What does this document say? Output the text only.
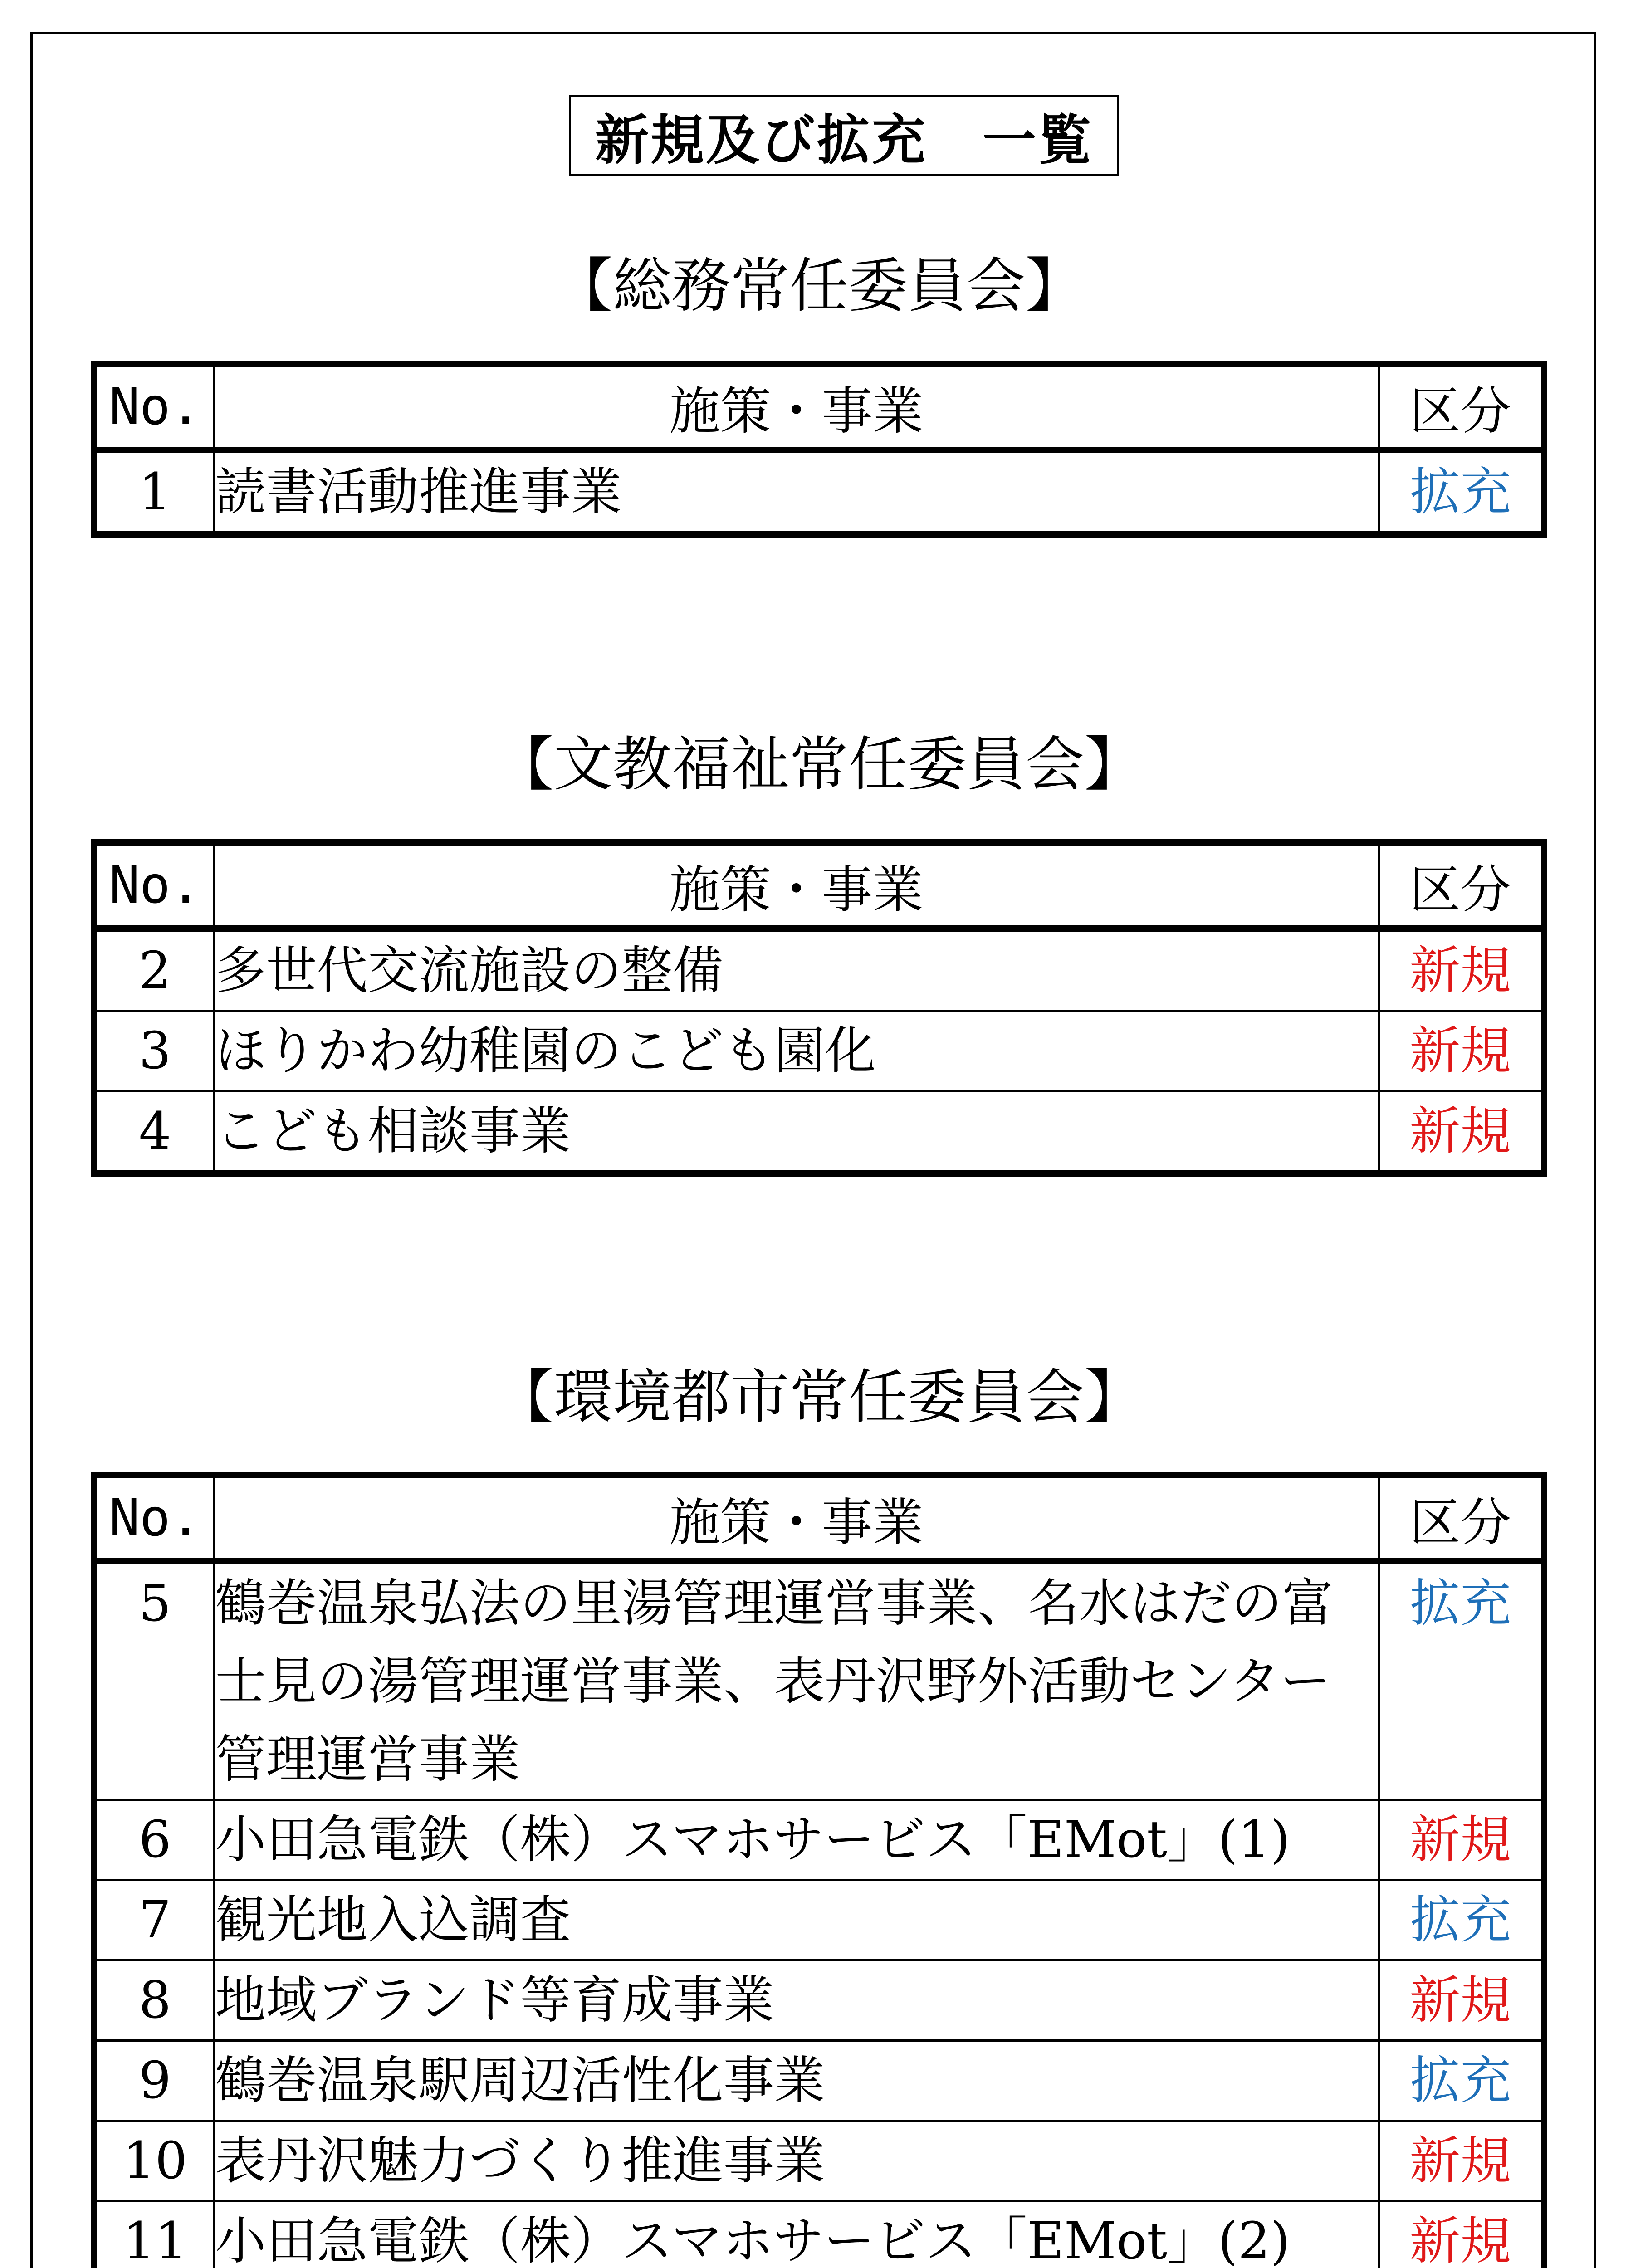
新規及び拡充　一覧
【総務常任委員会】
No.	施策・事業	区分
1	読書活動推進事業	拡充
【文教福祉常任委員会】
No.	施策・事業	区分
2	多世代交流施設の整備	新規
3	ほりかわ幼稚園のこども園化	新規
4	こども相談事業	新規
【環境都市常任委員会】
No.	施策・事業	区分
5	鶴巻温泉弘法の里湯管理運営事業、名水はだの富士見の湯管理運営事業、表丹沢野外活動センター管理運営事業	拡充
6	小田急電鉄（株）スマホサービス「EMot」(1)	新規
7	観光地入込調査	拡充
8	地域ブランド等育成事業	新規
9	鶴巻温泉駅周辺活性化事業	拡充
10	表丹沢魅力づくり推進事業	新規
11	小田急電鉄（株）スマホサービス「EMot」(2)	新規
